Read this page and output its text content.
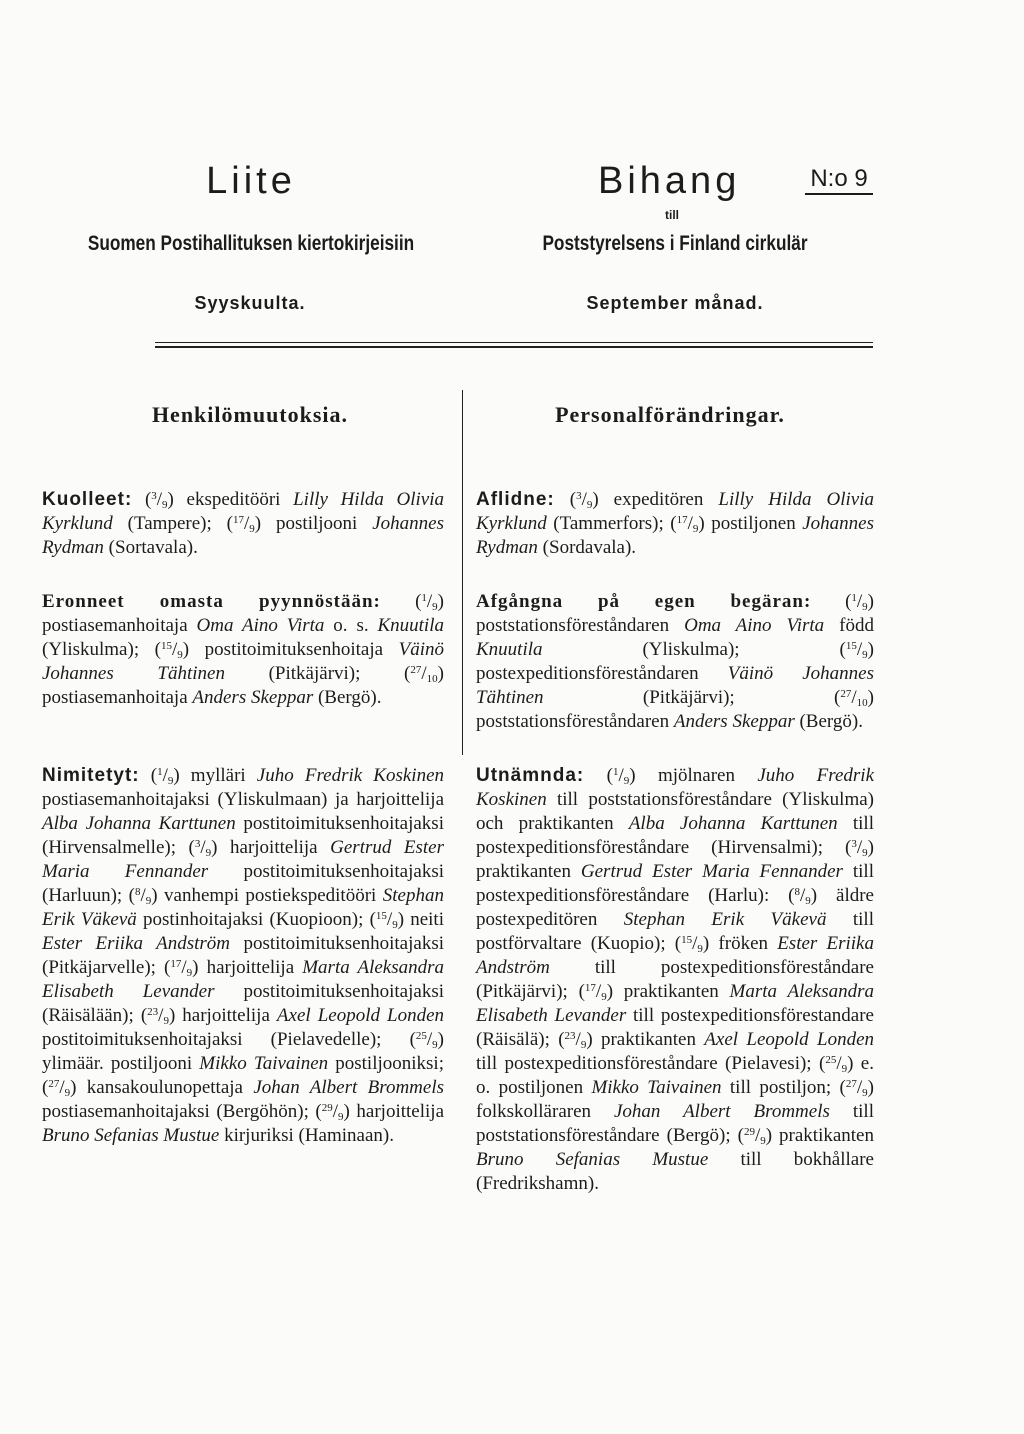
Liite
Suomen Postihallituksen kiertokirjeisiin
Syyskuulta.
Bihang	N:o 9
till
Poststyrelsens i Finland cirkulär
September månad.
Henkilömuutoksia.	Personalförändringar.

Kuolleet: $(^3/_9)$ ekspeditööri Lilly Hilda Olivia Kyrklund (Tampere); $(^{17}/_9)$ postiljooni Johannes Rydman (Sortavala).

Eronneet omasta pyynnöstään: $(^1/_9)$ postiasemanhoitaja Oma Aino Virta o. s. Knuutila (Yliskulma); $(^{15}/_9)$ postitoimituksenhoitaja Väinö Johannes Tähtinen (Pitkäjärvi); $(^{27}/_{10})$ postiasemanhoitaja Anders Skeppar (Bergö).

Nimitetyt: $(^1/_9)$ mylläri Juho Fredrik Koskinen postiasemanhoitajaksi (Yliskulmaan) ja harjoittelija Alba Johanna Karttunen postitoimituksenhoitajaksi (Hirvensalmelle); $(^3/_9)$ harjoittelija Gertrud Ester Maria Fennander postitoimituksenhoitajaksi (Harluun); $(^8/_9)$ vanhempi postiekspeditööri Stephan Erik Väkevä postinhoitajaksi (Kuopioon); $(^{15}/_9)$ neiti Ester Eriika Andström postitoimituksenhoitajaksi (Pitkäjarvelle); $(^{17}/_9)$ harjoittelija Marta Aleksandra Elisabeth Levander postitoimituksenhoitajaksi (Räisälään); $(^{23}/_9)$ harjoittelija Axel Leopold Londen postitoimituksenhoitajaksi (Pielavedelle); $(^{25}/_9)$ ylimäär. postiljooni Mikko Taivainen postiljooniksi; $(^{27}/_9)$ kansakoulunopettaja Johan Albert Brommels postiasemanhoitajaksi (Bergöhön); $(^{29}/_9)$ harjoittelija Bruno Sefanias Mustue kirjuriksi (Haminaan).

Aflidne: $(^3/_9)$ expeditören Lilly Hilda Olivia Kyrklund (Tammerfors); $(^{17}/_9)$ postiljonen Johannes Rydman (Sordavala).

Afgångna på egen begäran: $(^1/_9)$ poststationsföreståndaren Oma Aino Virta född Knuutila (Yliskulma); $(^{15}/_9)$ postexpeditionsföreståndaren Väinö Johannes Tähtinen (Pitkäjärvi); $(^{27}/_{10})$ poststationsföreståndaren Anders Skeppar (Bergö).

Utnämnda: $(^1/_9)$ mjölnaren Juho Fredrik Koskinen till poststationsföreståndare (Yliskulma) och praktikanten Alba Johanna Karttunen till postexpeditionsföreståndare (Hirvensalmi); $(^3/_9)$ praktikanten Gertrud Ester Maria Fennander till postexpeditionsföreståndare (Harlu): $(^8/_9)$ äldre postexpeditören Stephan Erik Väkevä till postförvaltare (Kuopio); $(^{15}/_9)$ fröken Ester Eriika Andström till postexpeditionsföreståndare (Pitkäjärvi); $(^{17}/_9)$ praktikanten Marta Aleksandra Elisabeth Levander till postexpeditionsförestandare (Räisälä); $(^{23}/_9)$ praktikanten Axel Leopold Londen till postexpeditionsföreståndare (Pielavesi); $(^{25}/_9)$ e. o. postiljonen Mikko Taivainen till postiljon; $(^{27}/_9)$ folkskolläraren Johan Albert Brommels till poststationsföreståndare (Bergö); $(^{29}/_9)$ praktikanten Bruno Sefanias Mustue till bokhållare (Fredrikshamn).
